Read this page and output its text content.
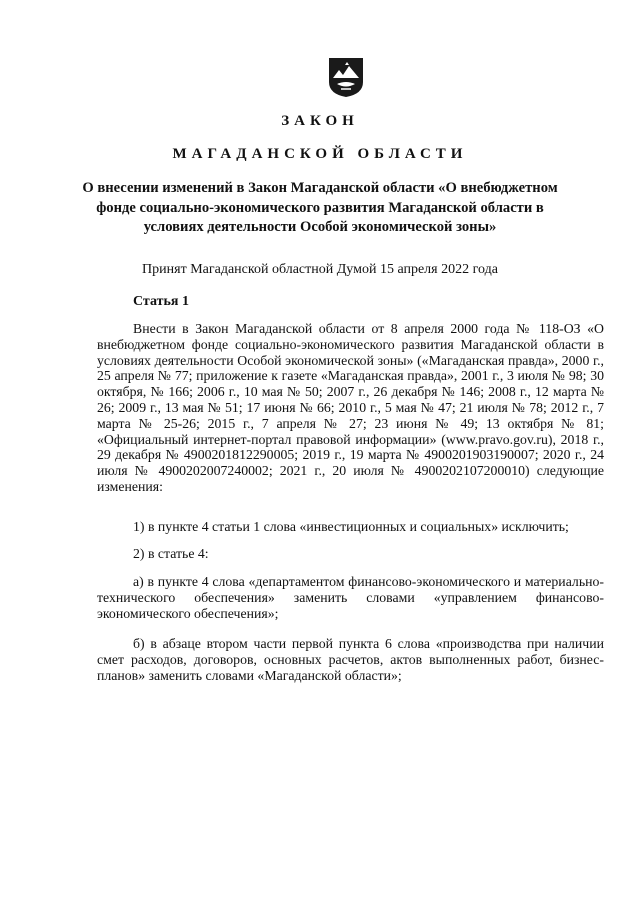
ЗАКОН
МАГАДАНСКОЙ ОБЛАСТИ
О внесении изменений в Закон Магаданской области «О внебюджетном фонде социально-экономического развития Магаданской области в условиях деятельности Особой экономической зоны»
Принят Магаданской областной Думой 15 апреля 2022 года
Статья 1
Внести в Закон Магаданской области от 8 апреля 2000 года № 118-ОЗ «О внебюджетном фонде социально-экономического развития Магаданской области в условиях деятельности Особой экономической зоны» («Магаданская правда», 2000 г., 25 апреля № 77; приложение к газете «Магаданская правда», 2001 г., 3 июля № 98; 30 октября, № 166; 2006 г., 10 мая № 50; 2007 г., 26 декабря № 146; 2008 г., 12 марта № 26; 2009 г., 13 мая № 51; 17 июня № 66; 2010 г., 5 мая № 47; 21 июля № 78; 2012 г., 7 марта № 25-26; 2015 г., 7 апреля № 27; 23 июня № 49; 13 октября № 81; «Официальный интернет-портал правовой информации» (www.pravo.gov.ru), 2018 г., 29 декабря № 4900201812290005; 2019 г., 19 марта № 4900201903190007; 2020 г., 24 июля № 4900202007240002; 2021 г., 20 июля № 4900202107200010) следующие изменения:
1) в пункте 4 статьи 1 слова «инвестиционных и социальных» исключить;
2) в статье 4:
а) в пункте 4 слова «департаментом финансово-экономического и материально-технического обеспечения» заменить словами «управлением финансово-экономического обеспечения»;
б) в абзаце втором части первой пункта 6 слова «производства при наличии смет расходов, договоров, основных расчетов, актов выполненных работ, бизнес-планов» заменить словами «Магаданской области»;
